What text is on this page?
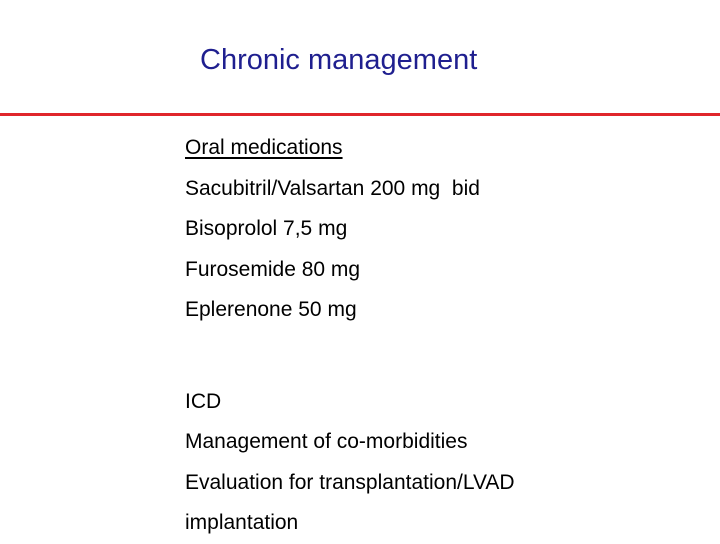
Chronic management
Oral medications
Sacubitril/Valsartan 200 mg  bid
Bisoprolol 7,5 mg
Furosemide 80 mg
Eplerenone 50 mg
ICD
Management of co-morbidities
Evaluation for transplantation/LVAD
implantation
